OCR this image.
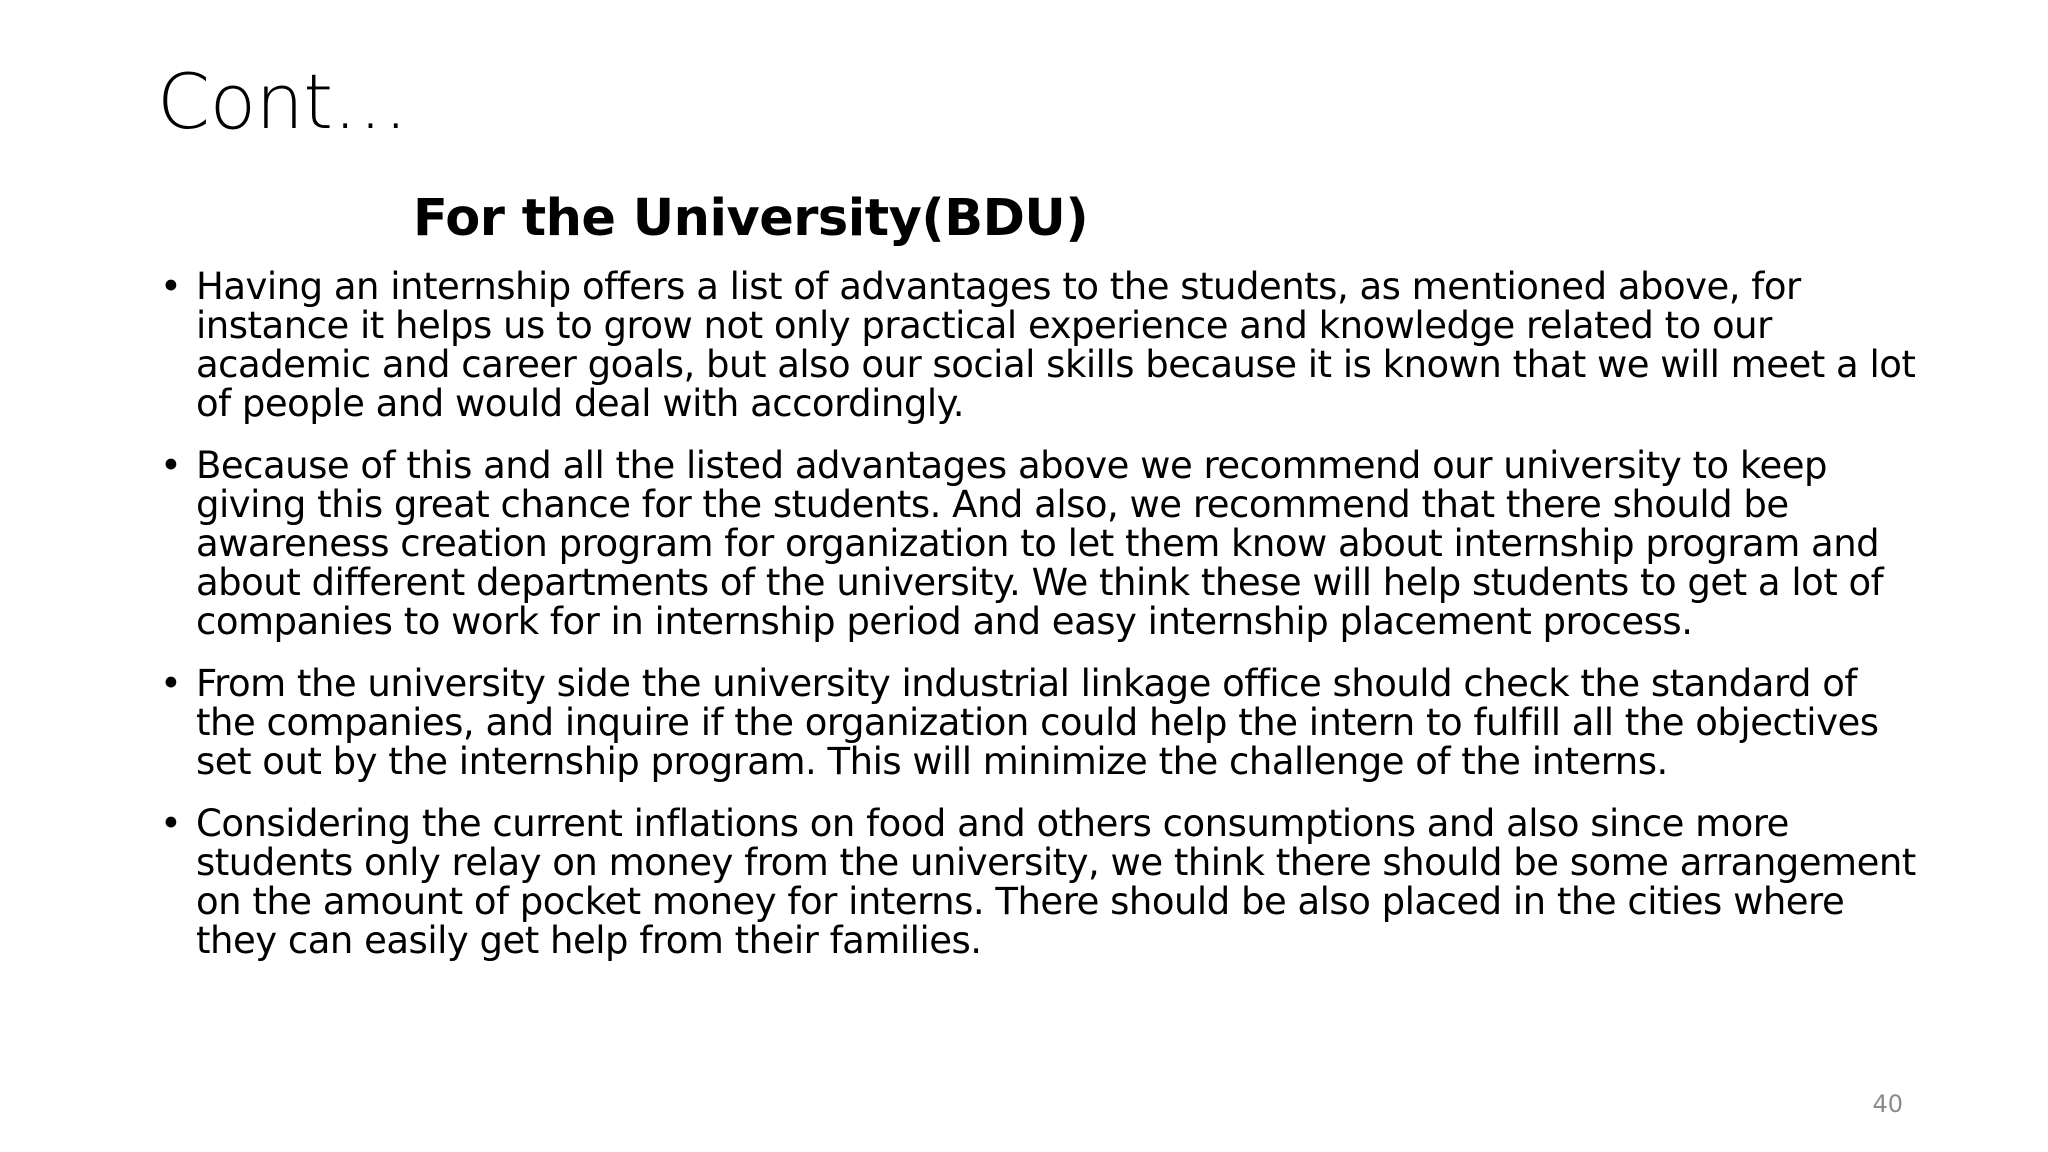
Cont…
For the University(BDU)
• Having an internship offers a list of advantages to the students, as mentioned above, for instance it helps us to grow not only practical experience and knowledge related to our academic and career goals, but also our social skills because it is known that we will meet a lot of people and would deal with accordingly.
• Because of this and all the listed advantages above we recommend our university to keep giving this great chance for the students. And also, we recommend that there should be awareness creation program for organization to let them know about internship program and about different departments of the university. We think these will help students to get a lot of companies to work for in internship period and easy internship placement process.
• From the university side the university industrial linkage office should check the standard of the companies, and inquire if the organization could help the intern to fulfill all the objectives set out by the internship program. This will minimize the challenge of the interns.
• Considering the current inflations on food and others consumptions and also since more students only relay on money from the university, we think there should be some arrangement on the amount of pocket money for interns. There should be also placed in the cities where they can easily get help from their families.
40
